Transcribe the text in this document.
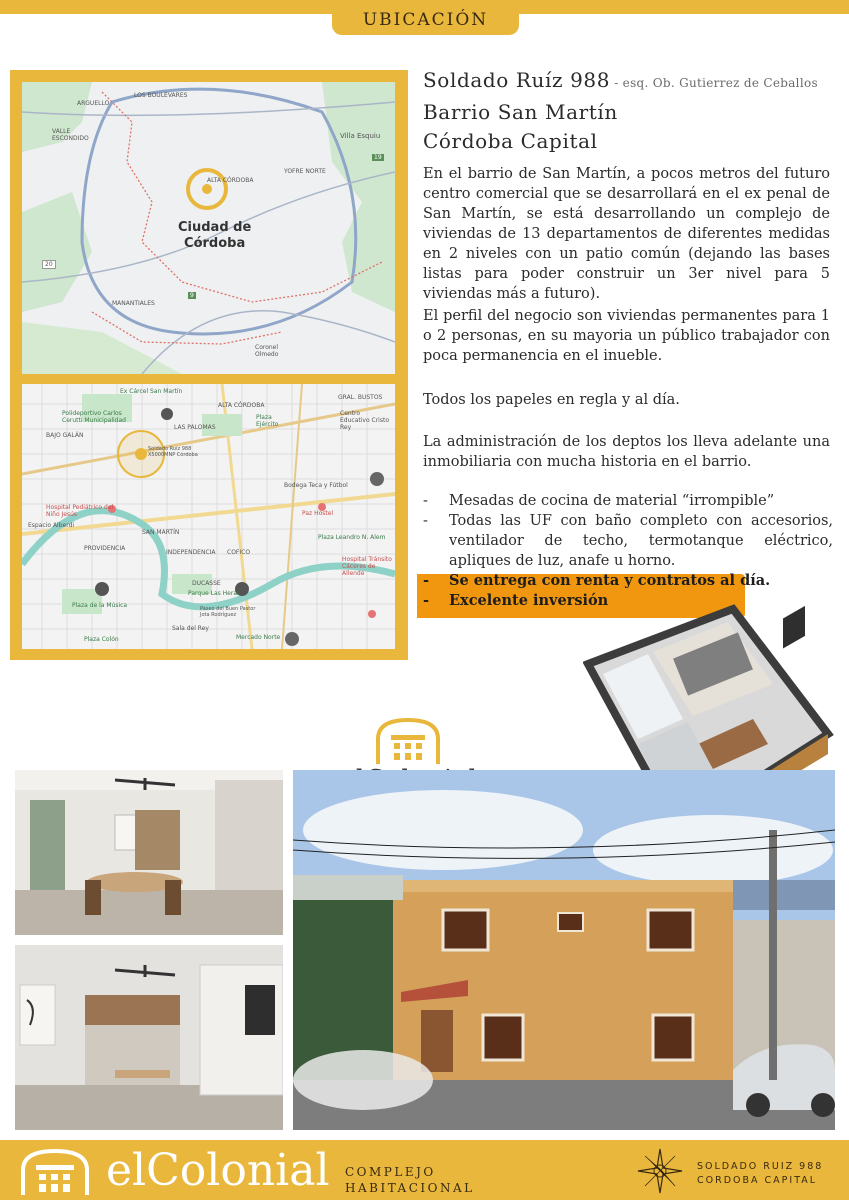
UBICACIÓN
ARGUELLO
LOS BOULEVARES
VALLE ESCONDIDO	Villa Esquiu
ALTA CÓRDOBA
YOFRE NORTE
MANANTIALES
Coronel Olmedo
19
20
9
Ciudad de
Córdoba
Ex Cárcel San Martín
Polideportivo Carlos Cerutti Municipalidad
LAS PALOMAS
ALTA CÓRDOBA
GRAL. BUSTOS
Centro Educativo Cristo Rey
BAJO GALÁN
Plaza Ejército
Soldado Ruiz 988 X5000MNP Córdoba
Bodega Teca y Fútbol
Hospital Pediátrico del Niño Jesús
Espacio Alberdi
Paz Hostel
SAN MARTÍN
PROVIDENCIA
INDEPENDENCIA COFICO
Plaza Leandro N. Alem
Hospital Tránsito Cáceres de Allende
DUCASSE
Parque Las Heras
Plaza de la Música	Paseo del Buen Pastor Jota Rodríguez
Plaza Colón
Sala del Rey
Mercado Norte
Soldado Ruíz 988 - esq. Ob. Gutierrez de Ceballos
Barrio San Martín
Córdoba Capital
En el barrio de San Martín, a pocos metros del futuro centro comercial que se desarrollará en el ex penal de San Martín, se está desarrollando un complejo de viviendas de 13 departamentos de diferentes medidas en 2 niveles con un patio común (dejando las bases listas para poder construir un 3er nivel para 5 viviendas más a futuro).
El perfil del negocio son viviendas permanentes para 1 o 2 personas, en su mayoria un público trabajador con poca permanencia en el inueble.
Todos los papeles en regla y al día.
La administración de los deptos los lleva adelante una inmobiliaria con mucha historia en el barrio.
-	Mesadas de cocina de material “irrompible”
-	Todas las UF con baño completo con accesorios, ventilador de techo, termotanque eléctrico, apliques de luz, anafe u horno.
-	Se entrega con renta y contratos al día.
-	Excelente inversión
elColonial COMPLEJO
HABITACIONAL
SOLDADO RUIZ 988
CORDOBA CAPITAL
